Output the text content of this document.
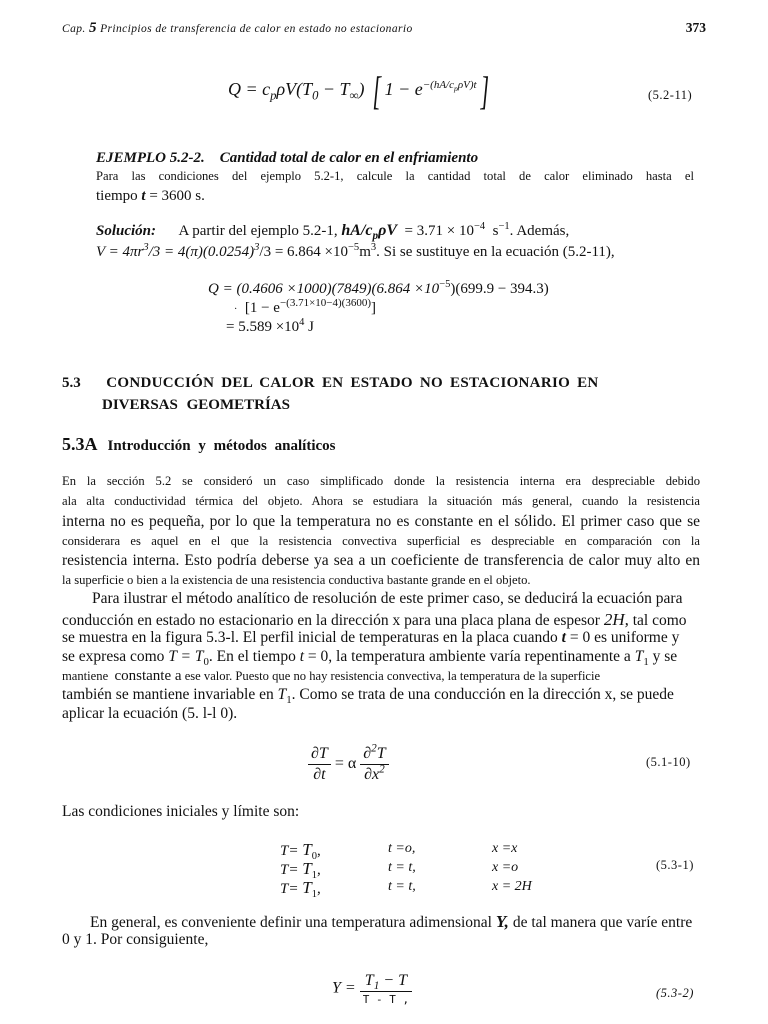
Cap. 5 Principios de transferencia de calor en estado no estacionario	373
$Q = c_p\rho V(T_0 - T_\infty)$ [ $1 - e^{-(hA/c_p\rho V)t}$]	(5.2-11)
EJEMPLO 5.2-2. Cantidad total de calor en el enfriamiento
Para las condiciones del ejemplo 5.2-1, calcule la cantidad total de calor eliminado hasta el
tiempo t = 3600 s.
Solución: A partir del ejemplo 5.2-1, $hA/c_p\rho V = 3.71 \times 10^{-4}$ $s^{-1}$. Además,
$V = 4\pi r^3/3 = 4(\pi)(0.0254)^3/3 = 6.864 \times 10^{-5}m^3$. Si se sustituye en la ecuación (5.2-11),
$Q = (0.4606 \times 1000)(7849)(6.864 \times 10^{-5})(699.9 - 394.3)$
· $[1 - e^{-(3.71\times 10-4)(3600)}]$
= $5.589 \times 10^4$ J
5.3 CONDUCCIÓN DEL CALOR EN ESTADO NO ESTACIONARIO EN
DIVERSAS GEOMETRÍAS
5.3A Introducción y métodos analíticos
En la sección 5.2 se consideró un caso simplificado donde la resistencia interna era despreciable debido
ala alta conductividad térmica del objeto. Ahora se estudiara la situación más general, cuando la resistencia
interna no es pequeña, por lo que la temperatura no es constante en el sólido. El primer caso que se
considerara es aquel en el que la resistencia convectiva superficial es despreciable en comparación con la
resistencia interna. Esto podría deberse ya sea a un coeficiente de transferencia de calor muy alto en
la superficie o bien a la existencia de una resistencia conductiva bastante grande en el objeto.
Para ilustrar el método analítico de resolución de este primer caso, se deducirá la ecuación para
conducción en estado no estacionario en la dirección x para una placa plana de espesor 2H, tal como
se muestra en la figura 5.3-l. El perfil inicial de temperaturas en la placa cuando t = 0 es uniforme y
se expresa como $T = T_0$. En el tiempo t = 0, la temperatura ambiente varía repentinamente a $T_1$ y se
mantiene constante a ese valor. Puesto que no hay resistencia convectiva, la temperatura de la superficie
también se mantiene invariable en $T_1$. Como se trata de una conducción en la dirección x, se puede
aplicar la ecuación (5. l-l 0).
$\frac{\partial T}{\partial t} = \alpha \frac{\partial^2T}{\partial x^2}$	(5.1-10)
Las condiciones iniciales y límite son:
$T= T_0$,	t =o,	x =x
$T= T_1$,	t = t,	x =o	(5.3-1)
$T= T_1$,	t = t,	x = 2H
En general, es conveniente definir una temperatura adimensional Y, de tal manera que varíe entre
0 y 1. Por consiguiente,
$Y = \frac{T_1 - T}{T - T ,}$	(5.3-2)
